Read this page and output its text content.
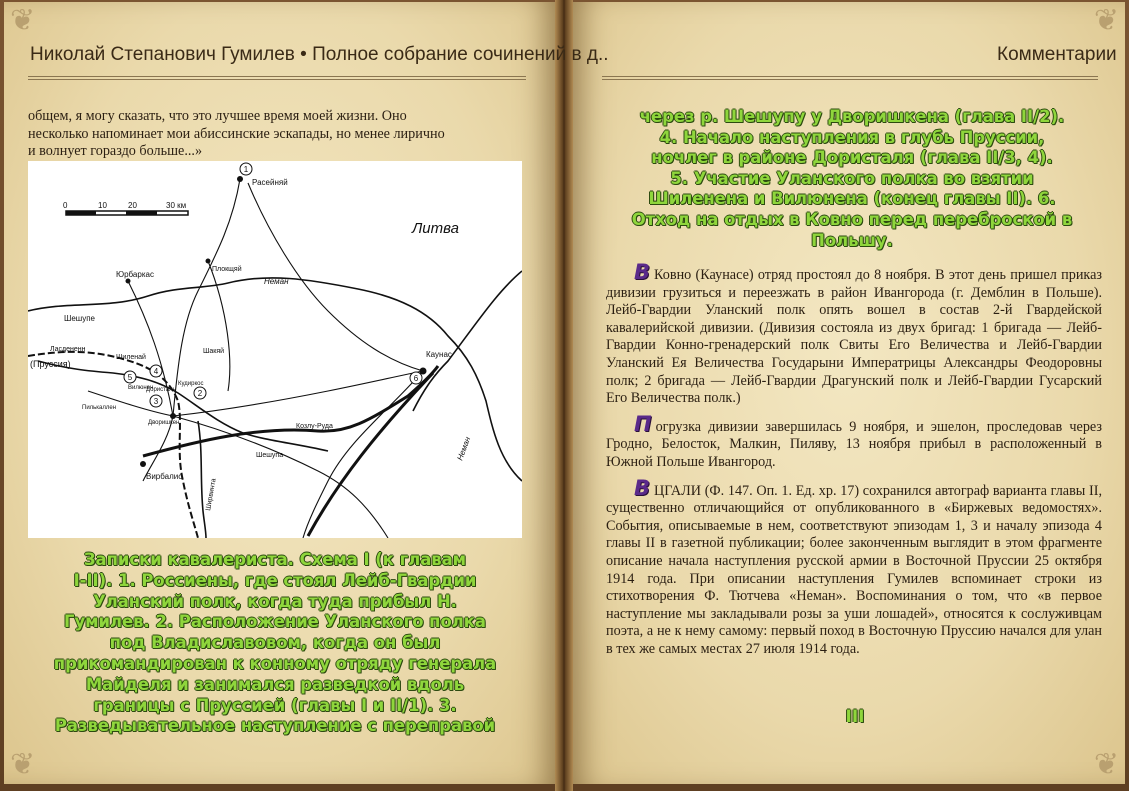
❦
❦
❦
❦
Николай Степанович Гумилев • Полное собрание сочинений в д..	Комментарии
общем, я могу сказать, что это лучшее время моей жизни. Оно
несколько напоминает мои абиссинские эскапады, но менее лирично
и волнует гораздо больше...»
0	10	20	30 км
1
2
3
4
5	6
Литва
(Пруссия)
Расейняй
Юрбаркас
Плокщяй
Неман
Шешупе
Ласдененн
Шиленай
Шакяй	Каунас
Козлу-Руда
Шешупа
Вирбалис
Неман
Пилькаллен
Ширвинта
Дористаль
Кудиркос
Дворишкен
Вилюнен
Записки кавалериста. Схема I (к главам
I-II). 1. Россиены, где стоял Лейб-Гвардии
Уланский полк, когда туда прибыл Н.
Гумилев. 2. Расположение Уланского полка
под Владиславовом, когда он был
прикомандирован к конному отряду генерала
Майделя и занимался разведкой вдоль
границы с Пруссией (главы I и II/1). 3.
Разведывательное наступление с переправой
через р. Шешупу у Дворишкена (глава II/2).
4. Начало наступления в глубь Пруссии,
ночлег в районе Дористаля (глава II/3, 4).
5. Участие Уланского полка во взятии
Шиленена и Вилюнена (конец главы II). 6.
Отход на отдых в Ковно перед переброской в
Польшу.

В Ковно (Каунасе) отряд простоял до 8 ноября. В этот день пришел приказ дивизии грузиться и переезжать в район Ивангорода (г. Демблин в Польше). Лейб-Гвардии Уланский полк опять вошел в состав 2-й Гвардейской кавалерийской дивизии. (Дивизия состояла из двух бригад: 1 бригада — Лейб-Гвардии Конно-гренадерский полк Свиты Его Величества и Лейб-Гвардии Уланский Ея Величества Государыни Императрицы Александры Феодоровны полк; 2 бригада — Лейб-Гвардии Драгунский полк и Лейб-Гвардии Гусарский Его Величества полк.)

П огрузка дивизии завершилась 9 ноября, и эшелон, проследовав через Гродно, Белосток, Малкин, Пиляву, 13 ноября прибыл в расположенный в Южной Польше Ивангород.

В ЦГАЛИ (Ф. 147. Оп. 1. Ед. хр. 17) сохранился автограф варианта главы II, существенно отличающийся от опубликованного в «Биржевых ведомостях». События, описываемые в нем, соответствуют эпизодам 1, 3 и началу эпизода 4 главы II в газетной публикации; более законченным выглядит в этом фрагменте описание начала наступления русской армии в Восточной Пруссии 25 октября 1914 года. При описании наступления Гумилев вспоминает строки из стихотворения Ф. Тютчева «Неман». Воспоминания о том, что «в первое наступление мы закладывали розы за уши лошадей», относятся к сослуживцам поэта, а не к нему самому: первый поход в Восточную Пруссию начался для улан в тех же самых местах 27 июля 1914 года.

III
